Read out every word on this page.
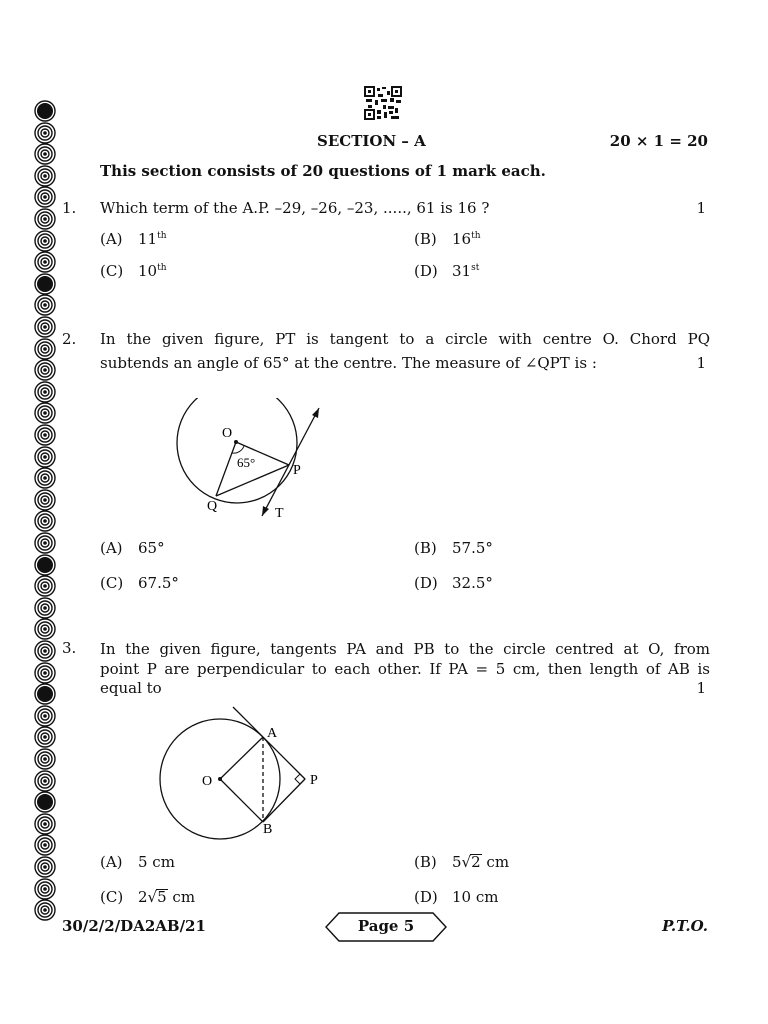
SECTION – A	20 × 1 = 20
This section consists of 20 questions of 1 mark each.
1. Which term of the A.P. –29, –26, –23, ....., 61 is 16 ?	1
(A) 11th	(B) 16th
(C) 10th	(D) 31st
2. In the given figure, PT is tangent to a circle with centre O. Chord PQ
subtends an angle of 65° at the centre. The measure of ∠QPT is :	1
O
65°
P
Q	T
(A) 65°	(B) 57.5°
(C) 67.5°	(D) 32.5°
3. In the given figure, tangents PA and PB to the circle centred at O, from
point P are perpendicular to each other. If PA = 5 cm, then length of AB is
equal to	1
O
A
B
P
(A) 5 cm	(B) 5√2 cm
(C) 2√5 cm	(D) 10 cm
30/2/2/DA2AB/21	Page 5	P.T.O.
